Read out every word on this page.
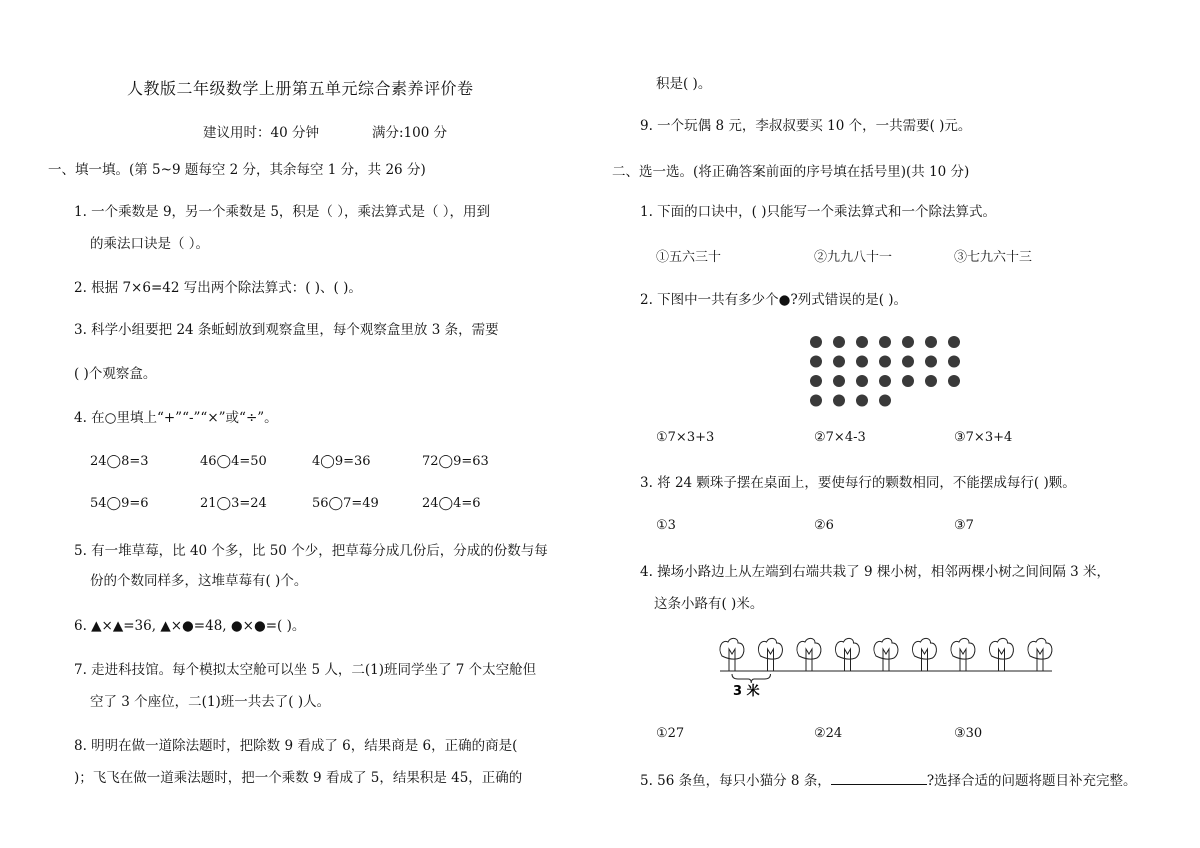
人教版二年级数学上册第五单元综合素养评价卷
建议用时：40 分钟	满分:100 分
一、填一填。(第 5~9 题每空 2 分，其余每空 1 分，共 26 分)
1. 一个乘数是 9，另一个乘数是 5，积是（ ），乘法算式是（ ），用到
的乘法口诀是（ ）。
2. 根据 7×6=42 写出两个除法算式：( )、( )。
3. 科学小组要把 24 条蚯蚓放到观察盒里，每个观察盒里放 3 条，需要
( )个观察盒。
4. 在○里填上“+”“-”“×”或“÷”。
24◯8=3	46◯4=50	4◯9=36	72◯9=63
54◯9=6	21◯3=24	56◯7=49	24◯4=6
5. 有一堆草莓，比 40 个多，比 50 个少，把草莓分成几份后，分成的份数与每
份的个数同样多，这堆草莓有( )个。
6. ▲×▲=36, ▲×●=48, ●×●=( )。
7. 走进科技馆。每个模拟太空舱可以坐 5 人，二(1)班同学坐了 7 个太空舱但
空了 3 个座位，二(1)班一共去了( )人。
8. 明明在做一道除法题时，把除数 9 看成了 6，结果商是 6，正确的商是(
)；飞飞在做一道乘法题时，把一个乘数 9 看成了 5，结果积是 45，正确的
积是( )。
9. 一个玩偶 8 元，李叔叔要买 10 个，一共需要( )元。
二、选一选。(将正确答案前面的序号填在括号里)(共 10 分)
1. 下面的口诀中，( )只能写一个乘法算式和一个除法算式。
①五六三十	②九九八十一	③七九六十三
2. 下图中一共有多少个●?列式错误的是( )。
①7×3+3	②7×4-3	③7×3+4
3. 将 24 颗珠子摆在桌面上，要使每行的颗数相同，不能摆成每行( )颗。
①3	②6	③7
4. 操场小路边上从左端到右端共栽了 9 棵小树，相邻两棵小树之间间隔 3 米，
这条小路有( )米。
3 米
①27	②24	③30
5. 56 条鱼，每只小猫分 8 条，	?选择合适的问题将题目补充完整。
